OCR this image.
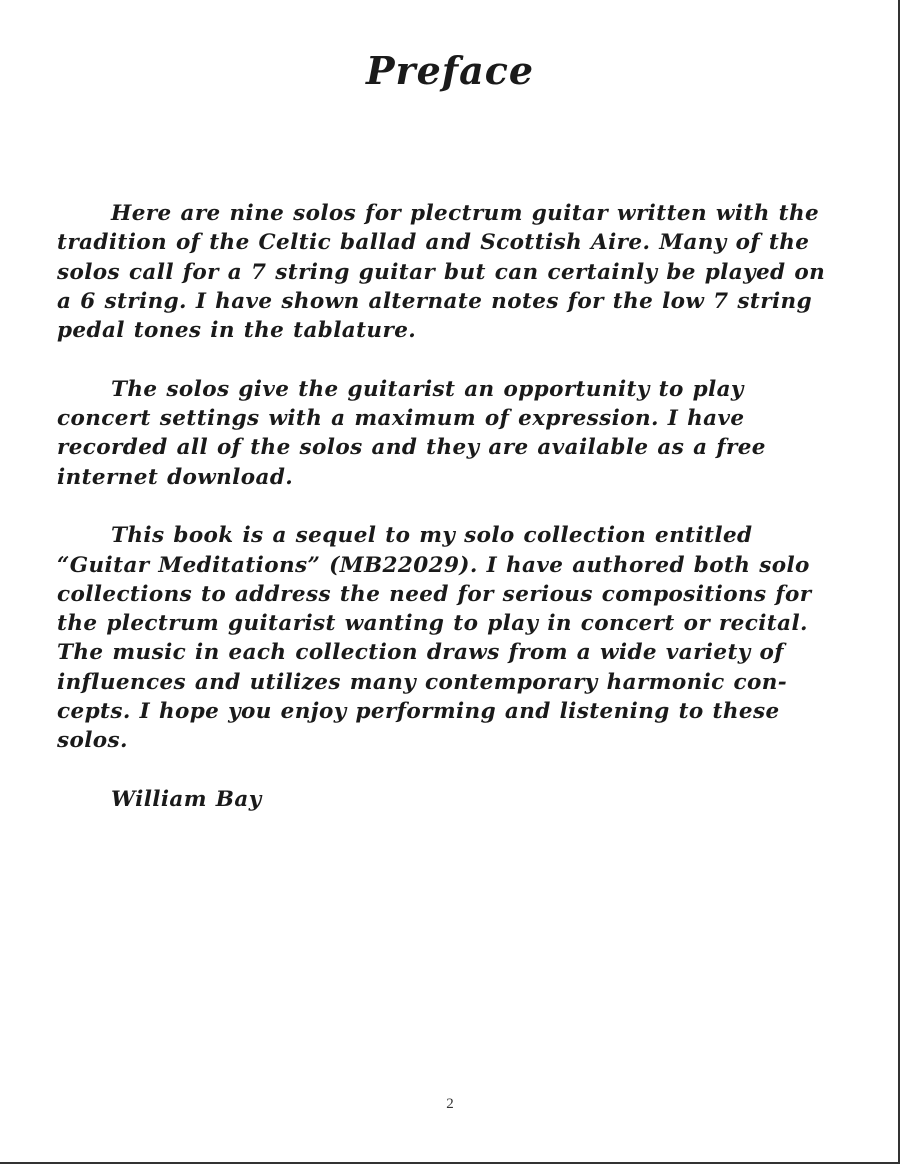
Preface
Here are nine solos for plectrum guitar written with the
tradition of the Celtic ballad and Scottish Aire. Many of the
solos call for a 7 string guitar but can certainly be played on
a 6 string. I have shown alternate notes for the low 7 string
pedal tones in the tablature.
The solos give the guitarist an opportunity to play
concert settings with a maximum of expression. I have
recorded all of the solos and they are available as a free
internet download.
This book is a sequel to my solo collection entitled
“Guitar Meditations” (MB22029). I have authored both solo
collections to address the need for serious compositions for
the plectrum guitarist wanting to play in concert or recital.
The music in each collection draws from a wide variety of
influences and utilizes many contemporary harmonic con-
cepts. I hope you enjoy performing and listening to these
solos.
William Bay
2
